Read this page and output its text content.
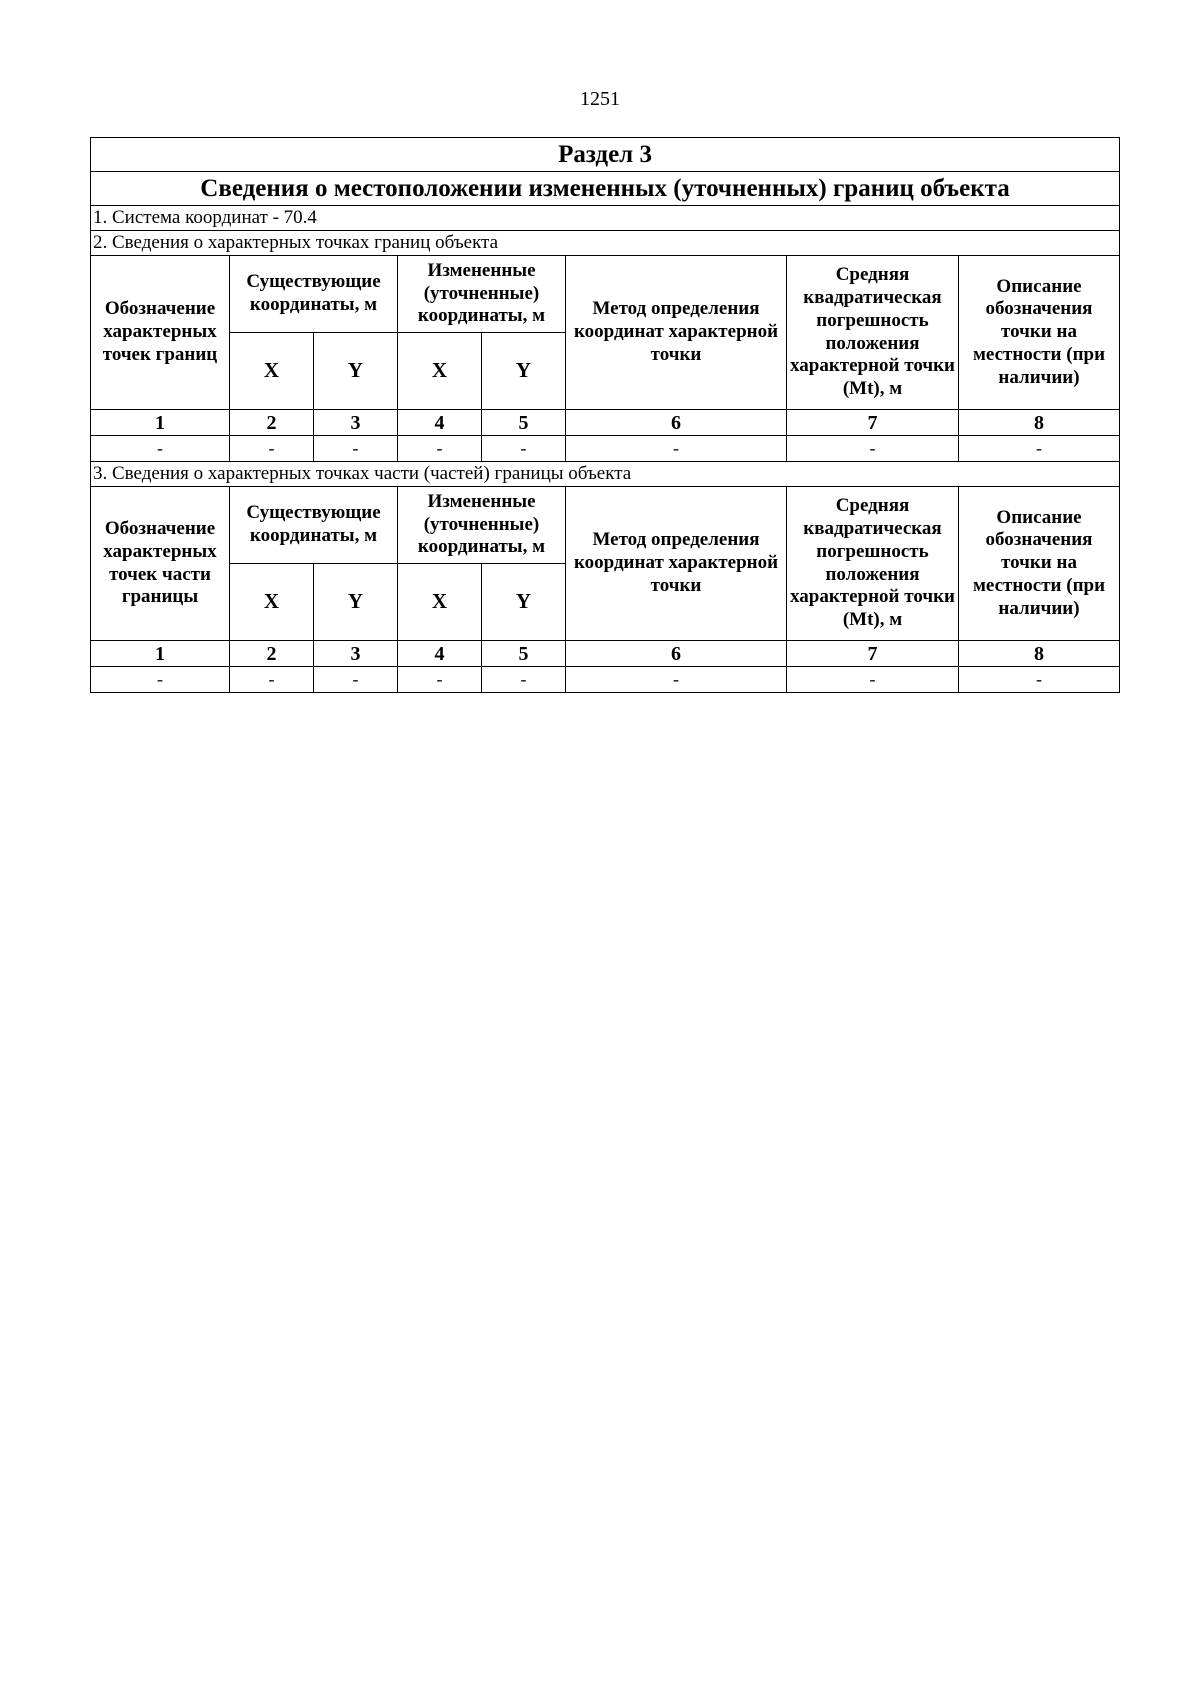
1251
Раздел 3							
Сведения о местоположении измененных (уточненных) границ объекта							
1. Система координат - 70.4							
2. Сведения о характерных точках границ объекта							
Обозначение характерных точек границ	Существующие координаты, м		Измененные (уточненные) координаты, м		Метод определения координат характерной точки	Средняя квадратическая погрешность положения характерной точки (Mt), м	Описание обозначения точки на местности (при наличии)
	X	Y	X	Y			
1	2	3	4	5	6	7	8
-	-	-	-	-	-	-	-
3. Сведения о характерных точках части (частей) границы объекта							
Обозначение характерных точек части границы	Существующие координаты, м		Измененные (уточненные) координаты, м		Метод определения координат характерной точки	Средняя квадратическая погрешность положения характерной точки (Mt), м	Описание обозначения точки на местности (при наличии)
	X	Y	X	Y			
1	2	3	4	5	6	7	8
-	-	-	-	-	-	-	-
